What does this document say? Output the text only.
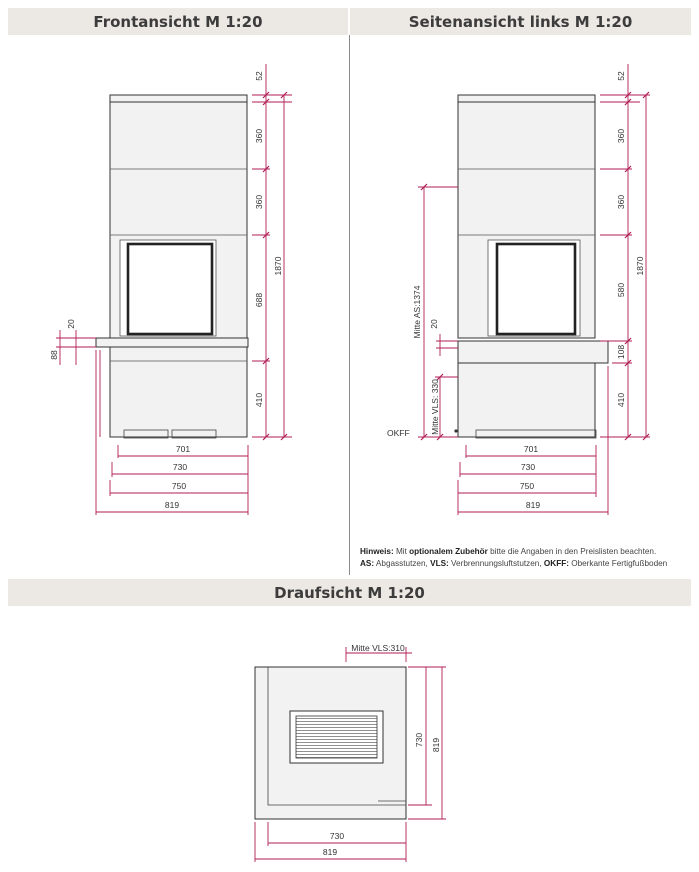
Frontansicht M 1:20	Seitenansicht links M 1:20
Draufsicht M 1:20
52
360
360
688
410
1870
20
88
701
730
750
819
52
360
360
580
108
410
1870
Mitte AS:1374
Mitte VLS: 330
20
OKFF
701
730
750
819
Mitte VLS:310
730 819
730
819
Hinweis: Mit optionalem Zubehör bitte die Angaben in den Preislisten beachten.
AS: Abgasstutzen, VLS: Verbrennungsluftstutzen, OKFF: Oberkante Fertigfußboden
